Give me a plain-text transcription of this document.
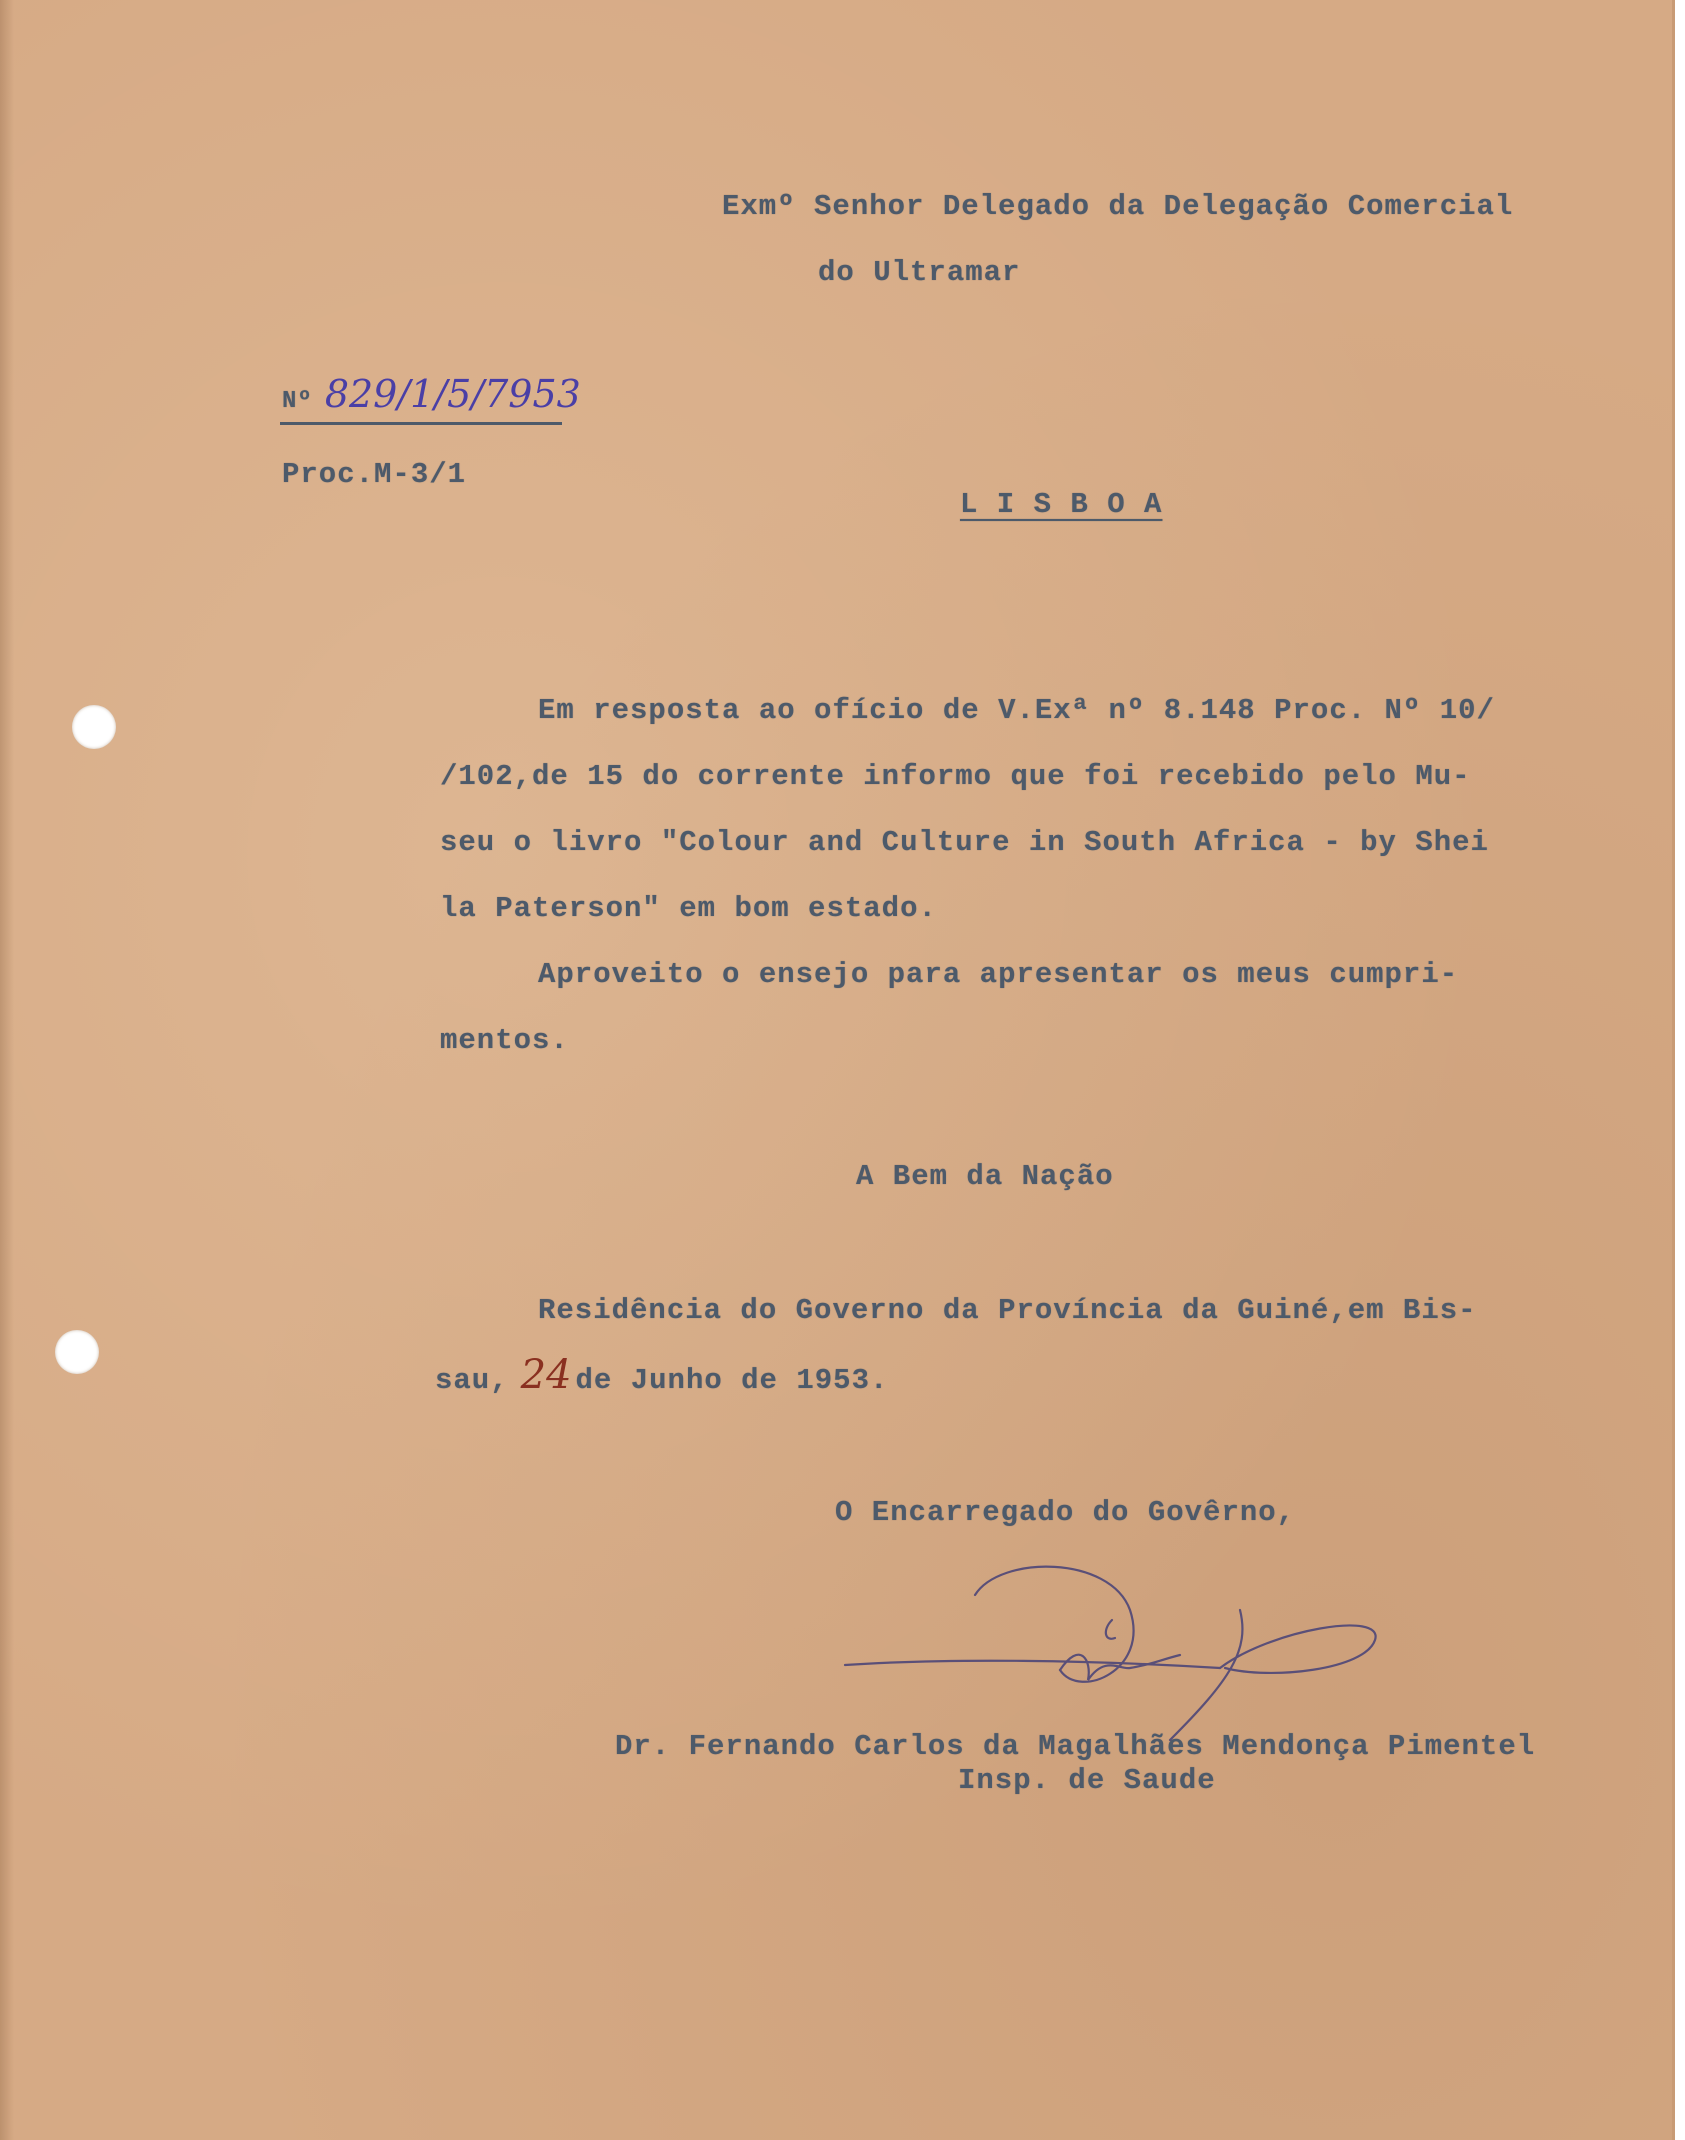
Exmº Senhor Delegado da Delegação Comercial
do Ultramar
Nº 829/1/5/7953
Proc.M-3/1
L I S B O A
Em resposta ao ofício de V.Exª nº 8.148 Proc. Nº 10/
/102,de 15 do corrente informo que foi recebido pelo Mu-
seu o livro "Colour and Culture in South Africa - by Shei
la Paterson" em bom estado.
Aproveito o ensejo para apresentar os meus cumpri-
mentos.
A Bem da Nação
Residência do Governo da Província da Guiné,em Bis-
sau, 24 de Junho de 1953.
O Encarregado do Govêrno,
Dr. Fernando Carlos da Magalhães Mendonça Pimentel
Insp. de Saude
